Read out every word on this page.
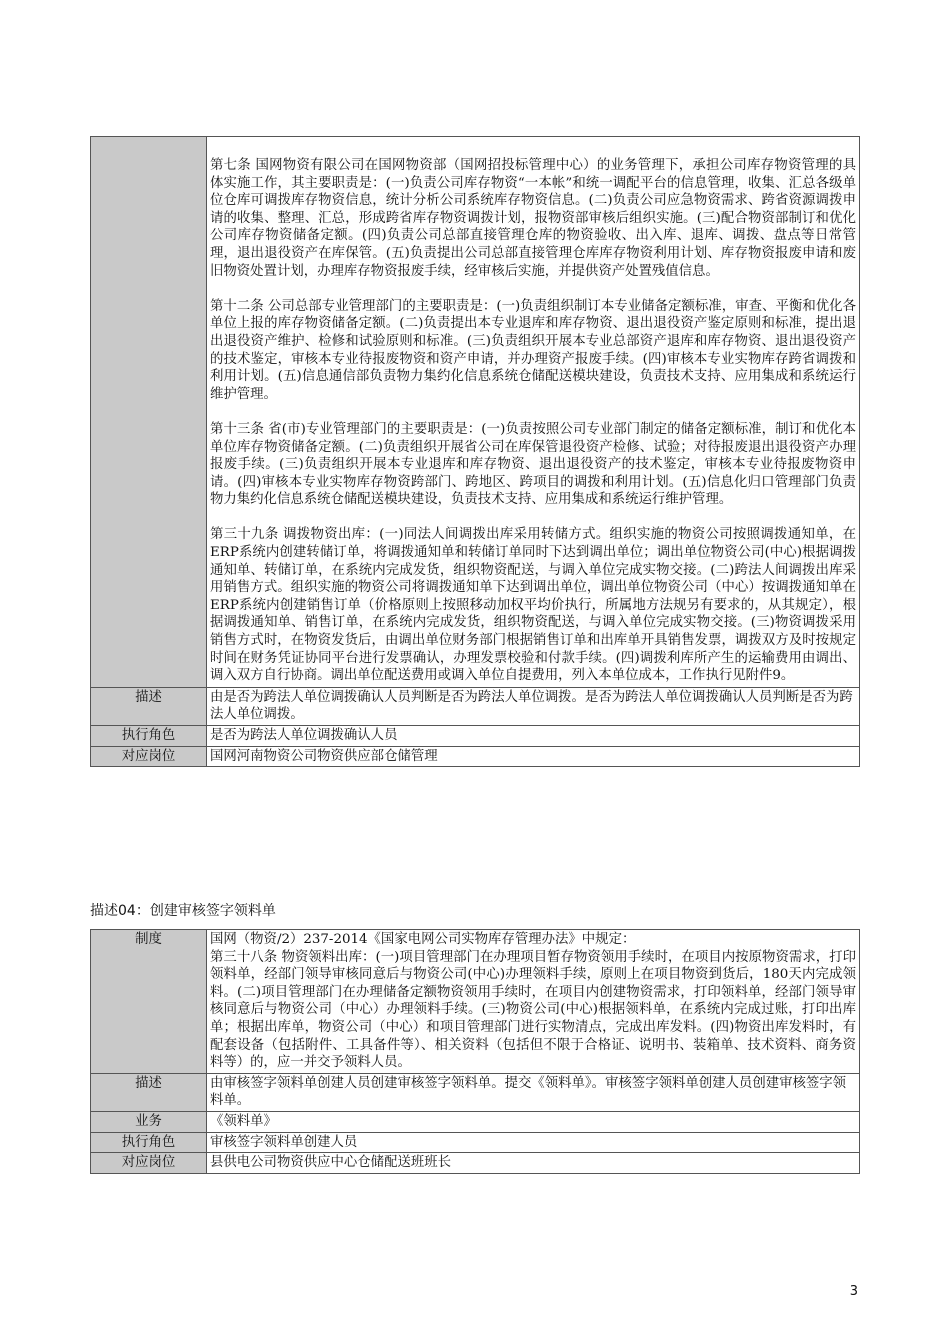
	第七条 国网物资有限公司在国网物资部（国网招投标管理中心）的业务管理下，承担公司库存物资管理的具体实施工作，其主要职责是：(一)负责公司库存物资“一本帐”和统一调配平台的信息管理，收集、汇总各级单位仓库可调拨库存物资信息，统计分析公司系统库存物资信息。(二)负责公司应急物资需求、跨省资源调拨申请的收集、整理、汇总，形成跨省库存物资调拨计划，报物资部审核后组织实施。(三)配合物资部制订和优化公司库存物资储备定额。(四)负责公司总部直接管理仓库的物资验收、出入库、退库、调拨、盘点等日常管理，退出退役资产在库保管。(五)负责提出公司总部直接管理仓库库存物资利用计划、库存物资报废申请和废旧物资处置计划，办理库存物资报废手续，经审核后实施，并提供资产处置残值信息。

第十二条 公司总部专业管理部门的主要职责是：(一)负责组织制订本专业储备定额标准，审查、平衡和优化各单位上报的库存物资储备定额。(二)负责提出本专业退库和库存物资、退出退役资产鉴定原则和标准，提出退出退役资产维护、检修和试验原则和标准。(三)负责组织开展本专业总部资产退库和库存物资、退出退役资产的技术鉴定，审核本专业待报废物资和资产申请，并办理资产报废手续。(四)审核本专业实物库存跨省调拨和利用计划。(五)信息通信部负责物力集约化信息系统仓储配送模块建设，负责技术支持、应用集成和系统运行维护管理。

第十三条 省(市)专业管理部门的主要职责是：(一)负责按照公司专业部门制定的储备定额标准，制订和优化本单位库存物资储备定额。(二)负责组织开展省公司在库保管退役资产检修、试验；对待报废退出退役资产办理报废手续。(三)负责组织开展本专业退库和库存物资、退出退役资产的技术鉴定，审核本专业待报废物资申请。(四)审核本专业实物库存物资跨部门、跨地区、跨项目的调拨和利用计划。(五)信息化归口管理部门负责物力集约化信息系统仓储配送模块建设，负责技术支持、应用集成和系统运行维护管理。

第三十九条 调拨物资出库：(一)同法人间调拨出库采用转储方式。组织实施的物资公司按照调拨通知单，在ERP系统内创建转储订单，将调拨通知单和转储订单同时下达到调出单位；调出单位物资公司(中心)根据调拨通知单、转储订单，在系统内完成发货，组织物资配送，与调入单位完成实物交接。(二)跨法人间调拨出库采用销售方式。组织实施的物资公司将调拨通知单下达到调出单位，调出单位物资公司（中心）按调拨通知单在ERP系统内创建销售订单（价格原则上按照移动加权平均价执行，所属地方法规另有要求的，从其规定），根据调拨通知单、销售订单，在系统内完成发货，组织物资配送，与调入单位完成实物交接。(三)物资调拨采用销售方式时，在物资发货后，由调出单位财务部门根据销售订单和出库单开具销售发票，调拨双方及时按规定时间在财务凭证协同平台进行发票确认，办理发票校验和付款手续。(四)调拨利库所产生的运输费用由调出、调入双方自行协商。调出单位配送费用或调入单位自提费用，列入本单位成本，工作执行见附件9。

描述	由是否为跨法人单位调拨确认人员判断是否为跨法人单位调拨。是否为跨法人单位调拨确认人员判断是否为跨法人单位调拨。
执行角色	是否为跨法人单位调拨确认人员
对应岗位	国网河南物资公司物资供应部仓储管理
描述04：创建审核签字领料单
制度	国网（物资/2）237-2014《国家电网公司实物库存管理办法》中规定：
第三十八条 物资领料出库：(一)项目管理部门在办理项目暂存物资领用手续时，在项目内按原物资需求，打印领料单，经部门领导审核同意后与物资公司(中心)办理领料手续，原则上在项目物资到货后，180天内完成领料。(二)项目管理部门在办理储备定额物资领用手续时，在项目内创建物资需求，打印领料单，经部门领导审核同意后与物资公司（中心）办理领料手续。(三)物资公司(中心)根据领料单，在系统内完成过账，打印出库单；根据出库单，物资公司（中心）和项目管理部门进行实物清点，完成出库发料。(四)物资出库发料时，有配套设备（包括附件、工具备件等）、相关资料（包括但不限于合格证、说明书、装箱单、技术资料、商务资料等）的，应一并交予领料人员。

描述	由审核签字领料单创建人员创建审核签字领料单。提交《领料单》。审核签字领料单创建人员创建审核签字领料单。
业务	《领料单》
执行角色	审核签字领料单创建人员
对应岗位	县供电公司物资供应中心仓储配送班班长
3
